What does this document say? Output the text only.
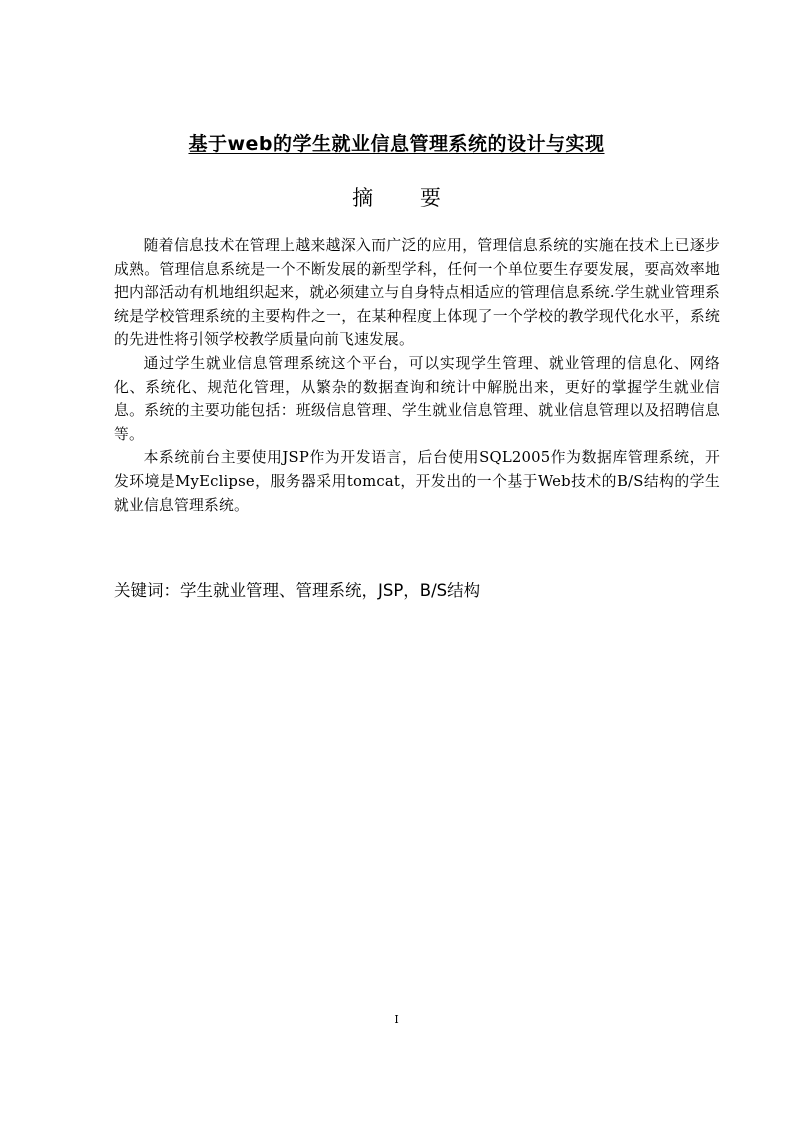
基于web的学生就业信息管理系统的设计与实现
摘 要

随着信息技术在管理上越来越深入而广泛的应用，管理信息系统的实施在技术上已逐步成熟。管理信息系统是一个不断发展的新型学科，任何一个单位要生存要发展，要高效率地把内部活动有机地组织起来，就必须建立与自身特点相适应的管理信息系统.学生就业管理系统是学校管理系统的主要构件之一，在某种程度上体现了一个学校的教学现代化水平，系统的先进性将引领学校教学质量向前飞速发展。

通过学生就业信息管理系统这个平台，可以实现学生管理、就业管理的信息化、网络化、系统化、规范化管理，从繁杂的数据查询和统计中解脱出来，更好的掌握学生就业信息。系统的主要功能包括：班级信息管理、学生就业信息管理、就业信息管理以及招聘信息等。

本系统前台主要使用JSP作为开发语言，后台使用SQL2005作为数据库管理系统，开发环境是MyEclipse，服务器采用tomcat，开发出的一个基于Web技术的B/S结构的学生就业信息管理系统。

关键词：学生就业管理、管理系统，JSP，B/S结构
I
